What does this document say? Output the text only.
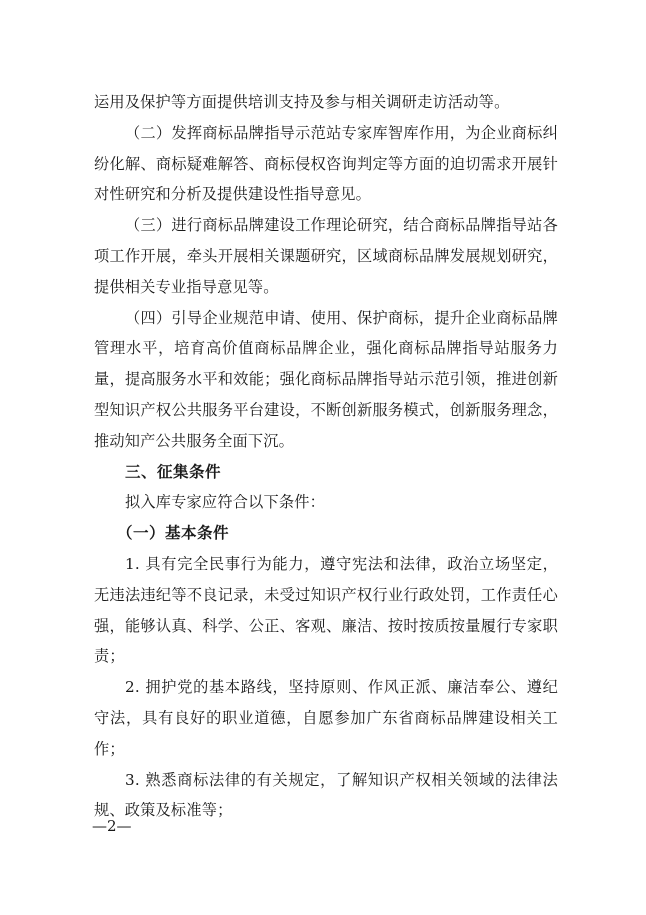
运用及保护等方面提供培训支持及参与相关调研走访活动等。

（二）发挥商标品牌指导示范站专家库智库作用，为企业商标纠纷化解、商标疑难解答、商标侵权咨询判定等方面的迫切需求开展针对性研究和分析及提供建设性指导意见。

（三）进行商标品牌建设工作理论研究，结合商标品牌指导站各项工作开展，牵头开展相关课题研究，区域商标品牌发展规划研究，提供相关专业指导意见等。

（四）引导企业规范申请、使用、保护商标，提升企业商标品牌管理水平，培育高价值商标品牌企业，强化商标品牌指导站服务力量，提高服务水平和效能；强化商标品牌指导站示范引领，推进创新型知识产权公共服务平台建设，不断创新服务模式，创新服务理念，推动知产公共服务全面下沉。

三、征集条件

拟入库专家应符合以下条件：

（一）基本条件

1. 具有完全民事行为能力，遵守宪法和法律，政治立场坚定，无违法违纪等不良记录，未受过知识产权行业行政处罚，工作责任心强，能够认真、科学、公正、客观、廉洁、按时按质按量履行专家职责；

2. 拥护党的基本路线，坚持原则、作风正派、廉洁奉公、遵纪守法，具有良好的职业道德，自愿参加广东省商标品牌建设相关工作；

3. 熟悉商标法律的有关规定，了解知识产权相关领域的法律法规、政策及标准等；

—2—
